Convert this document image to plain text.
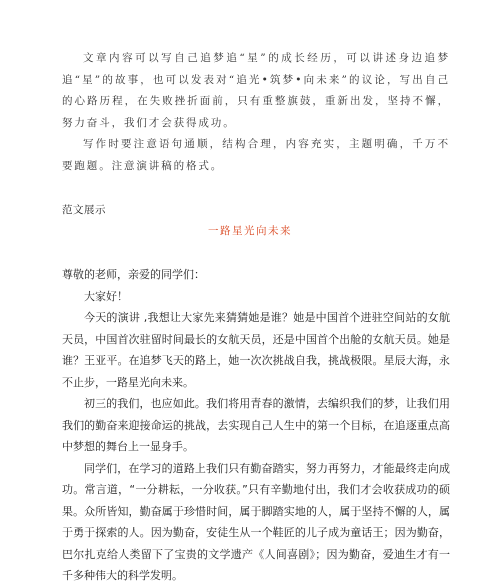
文章内容可以写自己追梦追“星”的成长经历，可以讲述身边追梦追“星”的故事，也可以发表对“追光•筑梦•向未来”的议论，写出自己的心路历程，在失败挫折面前，只有重整旗鼓，重新出发，坚持不懈，努力奋斗，我们才会获得成功。

写作时要注意语句通顺，结构合理，内容充实，主题明确，千万不要跑题。注意演讲稿的格式。

范文展示
一路星光向未来

尊敬的老师，亲爱的同学们：

大家好！

今天的演讲 ,我想让大家先来猜猜她是谁？她是中国首个进驻空间站的女航天员，中国首次驻留时间最长的女航天员，还是中国首个出舱的女航天员。她是谁？王亚平。在追梦飞天的路上，她一次次挑战自我，挑战极限。星辰大海，永不止步，一路星光向未来。

初三的我们，也应如此。我们将用青春的激情，去编织我们的梦，让我们用我们的勤奋来迎接命运的挑战，去实现自己人生中的第一个目标，在追逐重点高中梦想的舞台上一显身手。

同学们，在学习的道路上我们只有勤奋踏实，努力再努力，才能最终走向成功。常言道，“一分耕耘，一分收获。”只有辛勤地付出，我们才会收获成功的硕果。众所皆知，勤奋属于珍惜时间，属于脚踏实地的人，属于坚持不懈的人，属于勇于探索的人。因为勤奋，安徒生从一个鞋匠的儿子成为童话王；因为勤奋，巴尔扎克给人类留下了宝贵的文学遗产《人间喜剧》；因为勤奋，爱迪生才有一千多种伟大的科学发明。
